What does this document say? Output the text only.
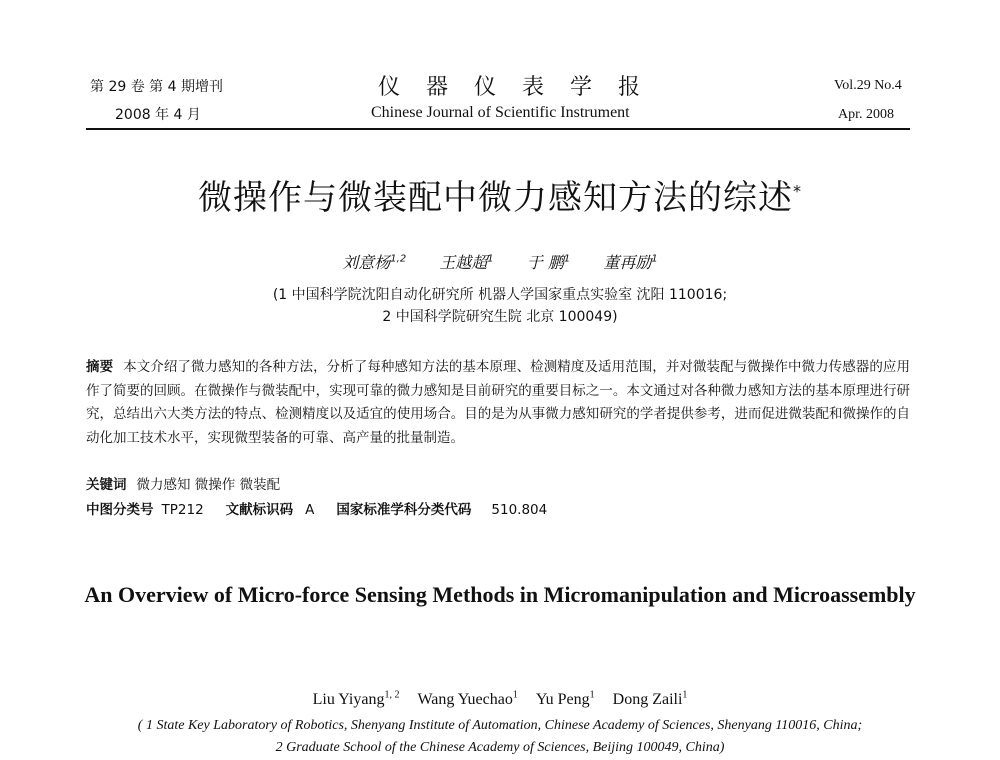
第 29 卷 第 4 期增刊
2008 年 4 月
仪器仪表学报
Chinese Journal of Scientific Instrument
Vol.29 No.4
Apr. 2008
微操作与微装配中微力感知方法的综述*
刘意杨$^{1,2}$ 王越超$^1$ 于 鹏$^1$ 董再励$^1$
(1 中国科学院沈阳自动化研究所 机器人学国家重点实验室 沈阳 110016;
2 中国科学院研究生院 北京 100049)
摘要 本文介绍了微力感知的各种方法，分析了每种感知方法的基本原理、检测精度及适用范围，并对微装配与微操作中微力传感器的应用作了简要的回顾。在微操作与微装配中，实现可靠的微力感知是目前研究的重要目标之一。本文通过对各种微力感知方法的基本原理进行研究，总结出六大类方法的特点、检测精度以及适宜的使用场合。目的是为从事微力感知研究的学者提供参考，进而促进微装配和微操作的自动化加工技术水平，实现微型装备的可靠、高产量的批量制造。
关键词 微力感知 微操作 微装配
中图分类号 TP212 文献标识码 A 国家标准学科分类代码 510.804
An Overview of Micro-force Sensing Methods in Micromanipulation and Microassembly
Liu Yiyang$^{1, 2}$ Wang Yuechao$^1$ Yu Peng$^1$ Dong Zaili$^1$
( 1 State Key Laboratory of Robotics, Shenyang Institute of Automation, Chinese Academy of Sciences, Shenyang 110016, China;
2 Graduate School of the Chinese Academy of Sciences, Beijing 100049, China)
